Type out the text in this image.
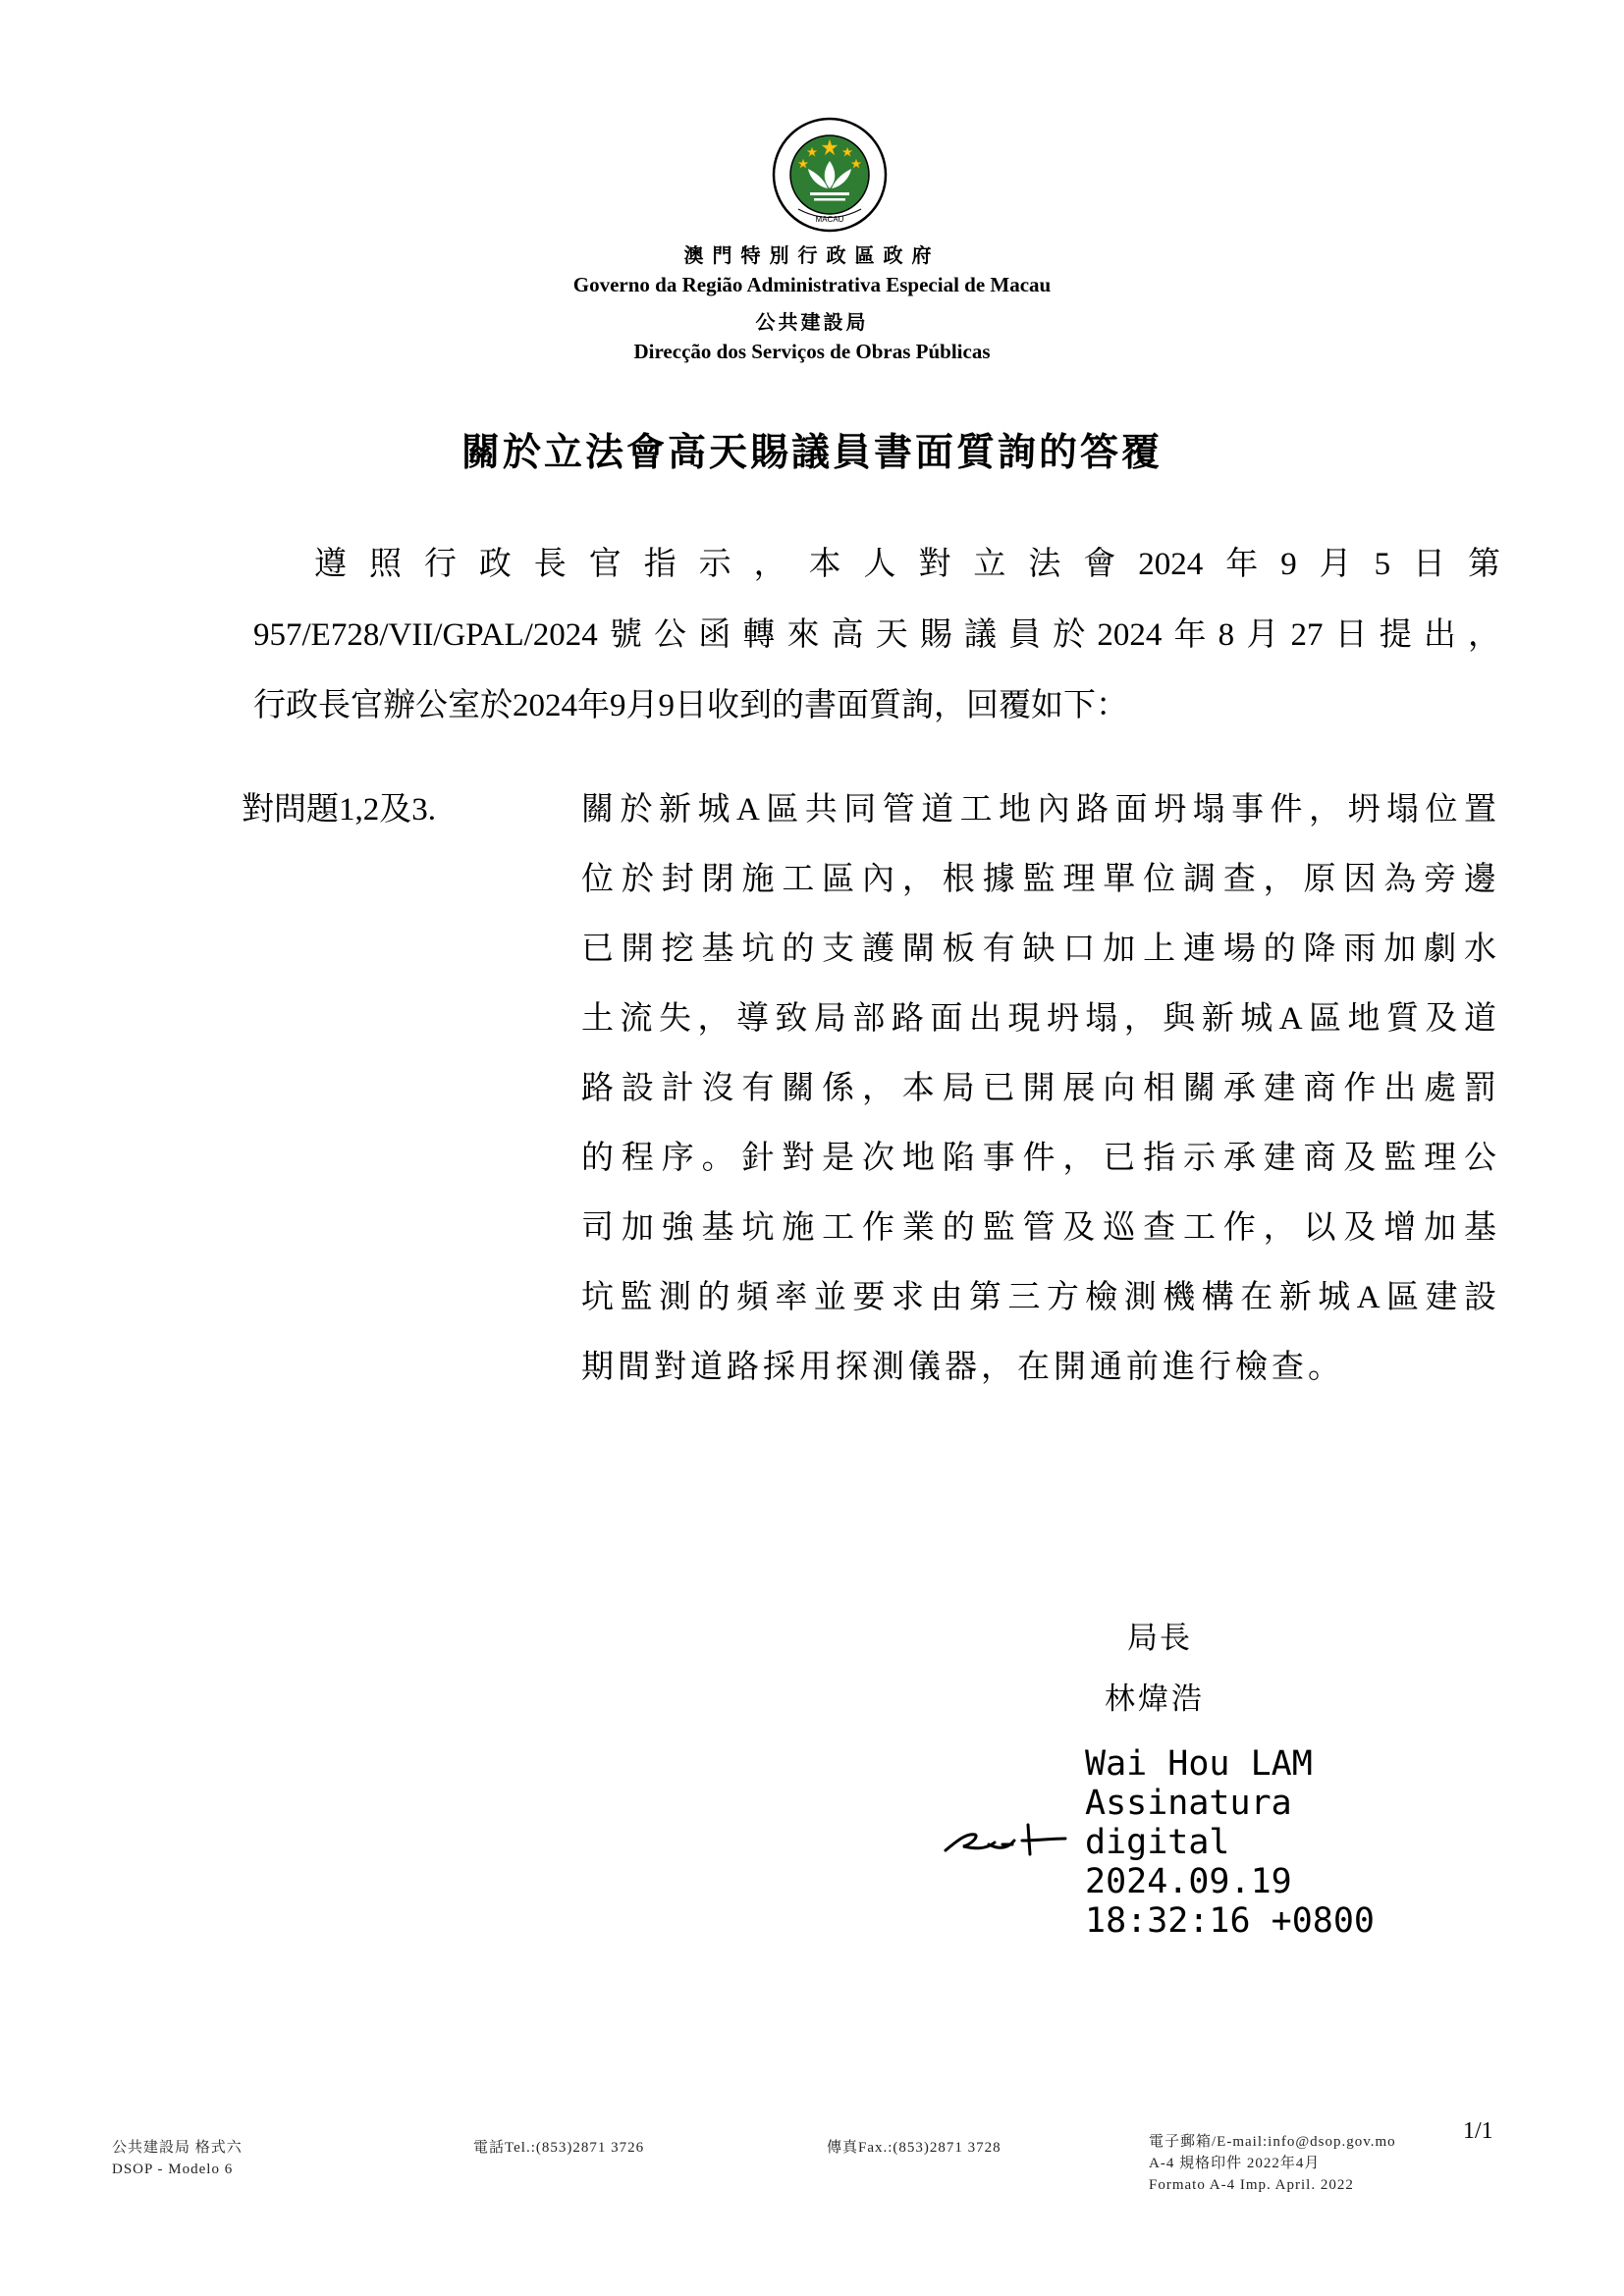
MACAU
澳門特別行政區政府
Governo da Região Administrativa Especial de Macau
公共建設局
Direcção dos Serviços de Obras Públicas
關於立法會高天賜議員書面質詢的答覆
遵照行政長官指示，本人對立法會2024年9月5日第
957/E728/VII/GPAL/2024號公函轉來高天賜議員於2024年8月27日提出，
行政長官辦公室於2024年9月9日收到的書面質詢，回覆如下：
對問題1,2及3.	關於新城A區共同管道工地內路面坍塌事件，坍塌位置
位於封閉施工區內，根據監理單位調查，原因為旁邊
已開挖基坑的支護閘板有缺口加上連場的降雨加劇水
土流失，導致局部路面出現坍塌，與新城A區地質及道
路設計沒有關係，本局已開展向相關承建商作出處罰
的程序。針對是次地陷事件，已指示承建商及監理公
司加強基坑施工作業的監管及巡查工作，以及增加基
坑監測的頻率並要求由第三方檢測機構在新城A區建設
期間對道路採用探測儀器，在開通前進行檢查。
局長
林煒浩
Wai Hou LAM
Assinatura
digital
2024.09.19
18:32:16 +0800
1/1
公共建設局 格式六
DSOP - Modelo 6
電話Tel.:(853)2871 3726	傳真Fax.:(853)2871 3728	電子郵箱/E-mail:info@dsop.gov.mo
A-4 規格印件 2022年4月
Formato A-4 Imp. April. 2022
